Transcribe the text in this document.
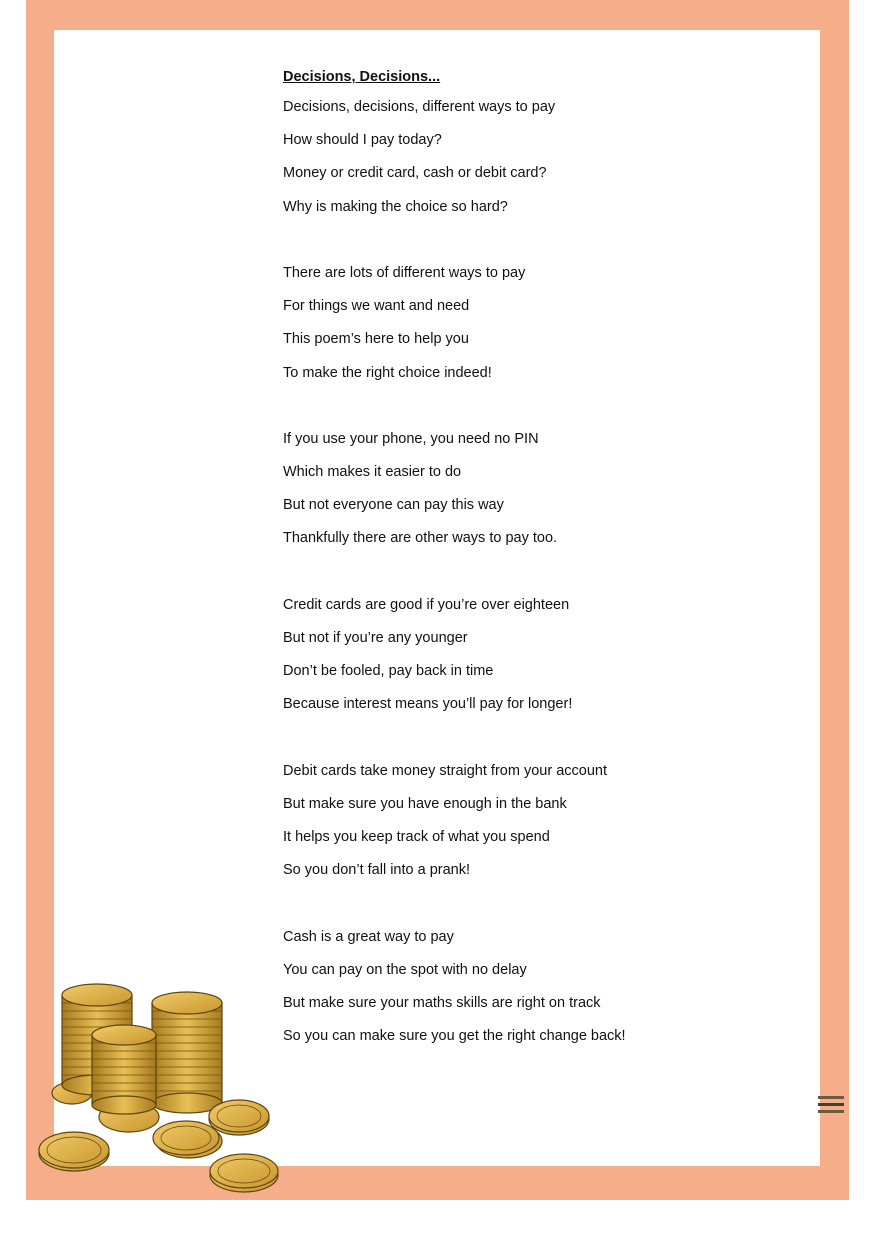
Decisions, Decisions...
Decisions, decisions, different ways to pay
How should I pay today?
Money or credit card, cash or debit card?
Why is making the choice so hard?
There are lots of different ways to pay
For things we want and need
This poem’s here to help you
To make the right choice indeed!
If you use your phone, you need no PIN
Which makes it easier to do
But not everyone can pay this way
Thankfully there are other ways to pay too.
Credit cards are good if you’re over eighteen
But not if you’re any younger
Don’t be fooled, pay back in time
Because interest means you’ll pay for longer!
Debit cards take money straight from your account
But make sure you have enough in the bank
It helps you keep track of what you spend
So you don’t fall into a prank!
Cash is a great way to pay
You can pay on the spot with no delay
But make sure your maths skills are right on track
So you can make sure you get the right change back!
